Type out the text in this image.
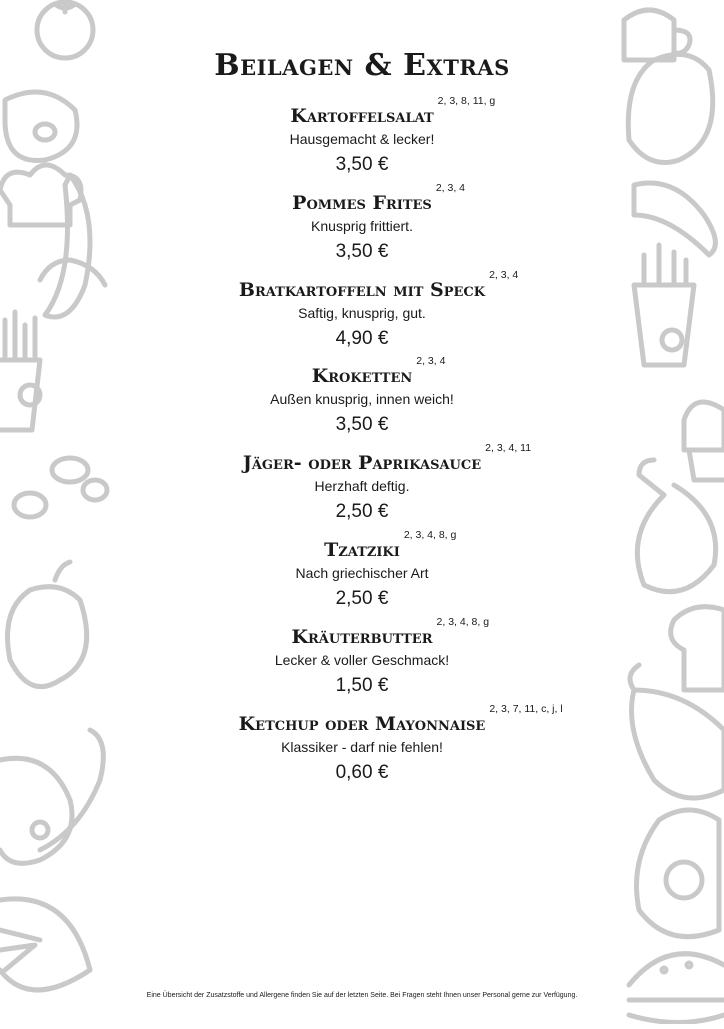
Beilagen & Extras
Kartoffelsalat
2, 3, 8, 11, g
Hausgemacht & lecker!
3,50 €
Pommes Frites
2, 3, 4
Knusprig frittiert.
3,50 €
Bratkartoffeln mit Speck
2, 3, 4
Saftig, knusprig, gut.
4,90 €
Kroketten
2, 3, 4
Außen knusprig, innen weich!
3,50 €
Jäger- oder Paprikasauce
2, 3, 4, 11
Herzhaft deftig.
2,50 €
Tzatziki
2, 3, 4, 8, g
Nach griechischer Art
2,50 €
Kräuterbutter
2, 3, 4, 8, g
Lecker & voller Geschmack!
1,50 €
Ketchup oder Mayonnaise
2, 3, 7, 11, c, j, l
Klassiker - darf nie fehlen!
0,60 €
Eine Übersicht der Zusatzstoffe und Allergene finden Sie auf der letzten Seite. Bei Fragen steht Ihnen unser Personal gerne zur Verfügung.
